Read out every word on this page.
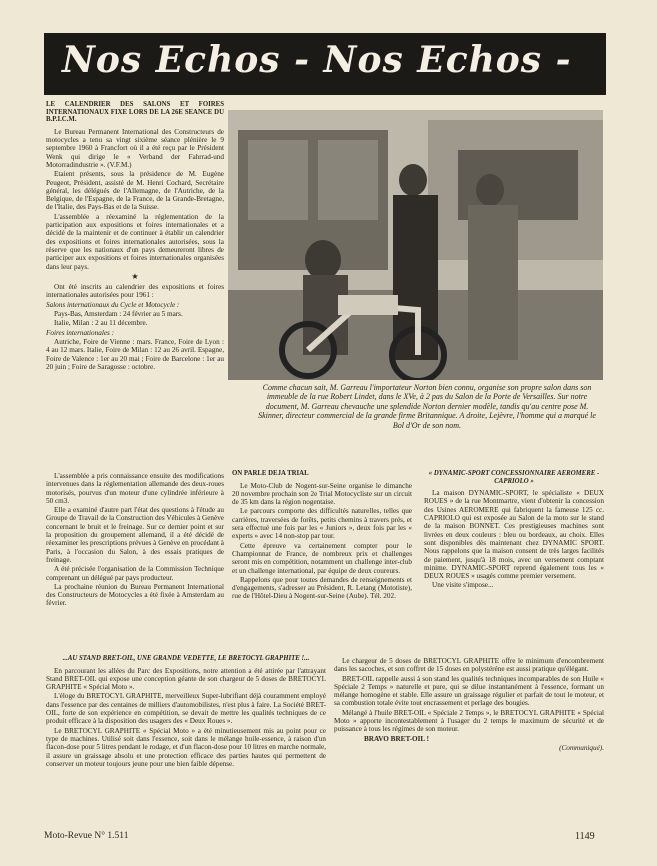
Nos Echos - Nos Echos -
LE CALENDRIER DES SALONS ET FOIRES INTERNATIONAUX FIXE LORS DE LA 26E SEANCE DU B.P.I.C.M.

Le Bureau Permanent International des Constructeurs de motocycles a tenu sa vingt sixième séance plénière le 9 septembre 1960 à Francfort où il a été reçu par le Président Wenk qui dirige le « Verband der Fahrrad-und Motorradindustrie ». (V.F.M.)

Etaient présents, sous la présidence de M. Eugène Peugeot, Président, assisté de M. Henri Cochard, Secrétaire général, les délégués de l'Allemagne, de l'Autriche, de la Belgique, de l'Espagne, de la France, de la Grande-Bretagne, de l'Italie, des Pays-Bas et de la Suisse.

L'assemblée a réexaminé la réglementation de la participation aux expositions et foires internationales et a décidé de la maintenir et de continuer à établir un calendrier des expositions et foires internationales autorisées, sous la réserve que les nationaux d'un pays demeureront libres de participer aux expositions et foires internationales organisées dans leur pays.

★

Ont été inscrits au calendrier des expositions et foires internationales autorisées pour 1961 :

Salons internationaux du Cycle et Motocycle :

Pays-Bas, Amsterdam : 24 février au 5 mars.

Italie, Milan : 2 au 11 décembre.

Foires internationales :

Autriche, Foire de Vienne : mars. France, Foire de Lyon : 4 au 12 mars. Italie, Foire de Milan : 12 au 26 avril. Espagne, Foire de Valence : 1er au 20 mai ; Foire de Barcelone : 1er au 20 juin ; Foire de Saragosse : octobre.

L'assemblée a pris connaissance ensuite des modifications intervenues dans la réglementation allemande des deux-roues motorisés, pourvus d'un moteur d'une cylindrée inférieure à 50 cm3.

Elle a examiné d'autre part l'état des questions à l'étude au Groupe de Travail de la Construction des Véhicules à Genève concernant le bruit et le freinage. Sur ce dernier point et sur la proposition du groupement allemand, il a été décidé de réexaminer les prescriptions prévues à Genève en procédant à Paris, à l'occasion du Salon, à des essais pratiques de freinage.

A été précisée l'organisation de la Commission Technique comprenant un délégué par pays producteur.

La prochaine réunion du Bureau Permanent International des Constructeurs de Motocycles a été fixée à Amsterdam au février.

Comme chacun sait, M. Garreau l'importateur Norton bien connu, organise son propre salon dans son immeuble de la rue Robert Lindet, dans le XVe, à 2 pas du Salon de la Porte de Versailles. Sur notre document, M. Garreau chevauche une splendide Norton dernier modèle, tandis qu'au centre pose M. Skinner, directeur commercial de la grande firme Britannique. A droite, Lejèvre, l'homme qui a marqué le Bol d'Or de son nom.
ON PARLE DEJA TRIAL

Le Moto-Club de Nogent-sur-Seine organise le dimanche 20 novembre prochain son 2e Trial Motocycliste sur un circuit de 35 km dans la région nogentaise.

Le parcours comporte des difficultés naturelles, telles que carrières, traversées de forêts, petits chemins à travers prés, et sera effectué une fois par les « Juniors », deux fois par les « experts » avec 14 non-stop par tour.

Cette épreuve va certainement compter pour le Championnat de France, de nombreux prix et challenges seront mis en compétition, notamment un challenge inter-club et un challenge international, par équipe de deux coureurs.

Rappelons que pour toutes demandes de renseignements et d'engagements, s'adresser au Président, R. Letang (Mototiste), rue de l'Hôtel-Dieu à Nogent-sur-Seine (Aube). Tél. 202.

« DYNAMIC-SPORT CONCESSIONNAIRE AEROMERE - CAPRIOLO »

La maison DYNAMIC-SPORT, le spécialiste « DEUX ROUES » de la rue Montmartre, vient d'obtenir la concession des Usines AEROMERE qui fabriquent la fameuse 125 cc. CAPRIOLO qui est exposée au Salon de la moto sur le stand de la maison BONNET. Ces prestigieuses machines sont livrées en deux couleurs : bleu ou bordeaux, au choix. Elles sont disponibles dès maintenant chez DYNAMIC SPORT. Nous rappelons que la maison consent de très larges facilités de paiement, jusqu'à 18 mois, avec un versement comptant minime. DYNAMIC-SPORT reprend également tous les « DEUX ROUES » usagés comme premier versement.

Une visite s'impose...

...AU STAND BRET-OIL, UNE GRANDE VEDETTE, LE BRETOCYL GRAPHITE !...

En parcourant les allées du Parc des Expositions, notre attention a été attirée par l'attrayant Stand BRET-OIL qui expose une conception géante de son chargeur de 5 doses de BRETOCYL GRAPHITE « Spécial Moto ».

L'éloge du BRETOCYL GRAPHITE, merveilleux Super-lubrifiant déjà couramment employé dans l'essence par des centaines de milliers d'automobilistes, n'est plus à faire. La Société BRET-OIL, forte de son expérience en compétition, se devait de mettre les qualités techniques de ce produit efficace à la disposition des usagers des « Deux Roues ».

Le BRETOCYL GRAPHITE « Spécial Moto » a été minutieusement mis au point pour ce type de machines. Utilisé soit dans l'essence, soit dans le mélange huile-essence, à raison d'un flacon-dose pour 5 litres pendant le rodage, et d'un flacon-dose pour 10 litres en marche normale, il assure un graissage absolu et une protection efficace des parties hautes qui permettent de conserver un moteur toujours jeune pour une bien faible dépense.

Le chargeur de 5 doses de BRETOCYL GRAPHITE offre le minimum d'encombrement dans les sacoches, et son coffret de 15 doses en polystéréne est aussi pratique qu'élégant.

BRET-OIL rappelle aussi à son stand les qualités techniques incomparables de son Huile « Spéciale 2 Temps » naturelle et pure, qui se dilue instantanément à l'essence, formant un mélange homogène et stable. Elle assure un graissage régulier et parfait de tout le moteur, et sa combustion totale évite tout encrassement et perlage des bougies.

Mélangé à l'huile BRET-OIL « Spéciale 2 Temps », le BRETOCYL GRAPHITE « Spécial Moto » apporte incontestablement à l'usager du 2 temps le maximum de sécurité et de puissance à tous les régimes de son moteur.

BRAVO BRET-OIL !

(Communiqué).

Moto-Revue N° 1.511	1149
